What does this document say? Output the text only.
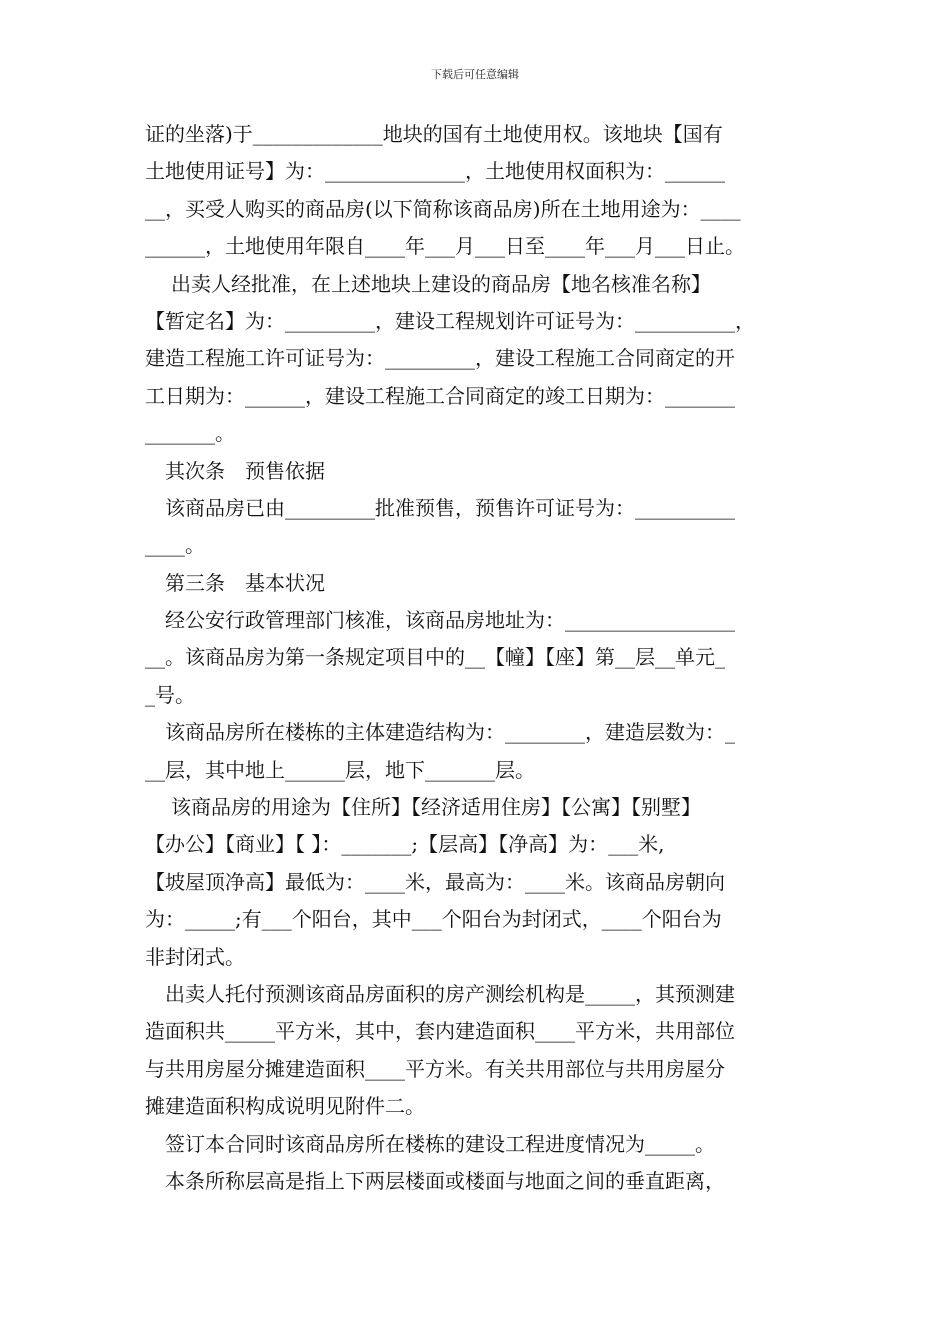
下载后可任意编辑
证的坐落)于_____________地块的国有土地使用权。该地块【国有
土地使用证号】为：______________，土地使用权面积为：______
__，买受人购买的商品房(以下简称该商品房)所在土地用途为：____
______，土地使用年限自____年___月___日至____年___月___日止。
出卖人经批准，在上述地块上建设的商品房【地名核准名称】
【暂定名】为：_________，建设工程规划许可证号为：__________，
建造工程施工许可证号为：_________，建设工程施工合同商定的开
工日期为：______，建设工程施工合同商定的竣工日期为：_______
_______。
其次条　预售依据
该商品房已由_________批准预售，预售许可证号为：__________
____。
第三条　基本状况
经公安行政管理部门核准，该商品房地址为：_________________
__。该商品房为第一条规定项目中的__【幢】【座】第__层__单元_
_号。
该商品房所在楼栋的主体建造结构为：________，建造层数为：_
__层，其中地上______层，地下_______层。
该商品房的用途为【住所】【经济适用住房】【公寓】【别墅】
【办公】【商业】【 】：_______;【层高】【净高】为：___米,
【坡屋顶净高】最低为：____米，最高为：____米。该商品房朝向
为：_____;有___个阳台，其中___个阳台为封闭式，____个阳台为
非封闭式。
出卖人托付预测该商品房面积的房产测绘机构是_____，其预测建
造面积共_____平方米，其中，套内建造面积____平方米，共用部位
与共用房屋分摊建造面积____平方米。有关共用部位与共用房屋分
摊建造面积构成说明见附件二。
签订本合同时该商品房所在楼栋的建设工程进度情况为_____。
本条所称层高是指上下两层楼面或楼面与地面之间的垂直距离，
